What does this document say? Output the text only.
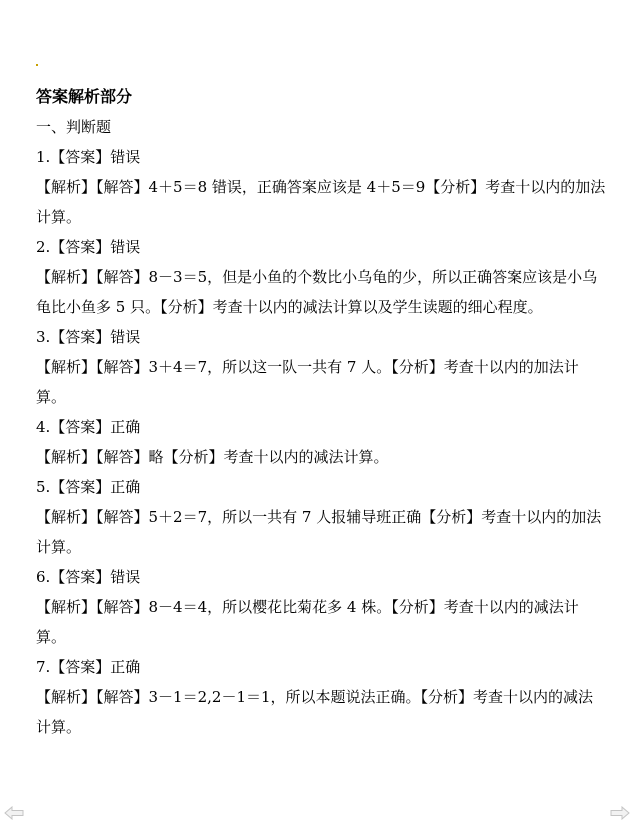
答案解析部分

一、判断题

1.【答案】错误

【解析】【解答】4＋5＝8 错误，正确答案应该是 4＋5＝9【分析】考查十以内的加法计算。

2.【答案】错误

【解析】【解答】8－3＝5，但是小鱼的个数比小乌龟的少，所以正确答案应该是小乌龟比小鱼多 5 只。【分析】考查十以内的减法计算以及学生读题的细心程度。

3.【答案】错误

【解析】【解答】3＋4＝7，所以这一队一共有 7 人。【分析】考查十以内的加法计算。

4.【答案】正确

【解析】【解答】略【分析】考查十以内的减法计算。

5.【答案】正确

【解析】【解答】5＋2＝7，所以一共有 7 人报辅导班正确【分析】考查十以内的加法计算。

6.【答案】错误

【解析】【解答】8－4＝4，所以樱花比菊花多 4 株。【分析】考查十以内的减法计算。

7.【答案】正确

【解析】【解答】3－1＝2,2－1＝1，所以本题说法正确。【分析】考查十以内的减法计算。
